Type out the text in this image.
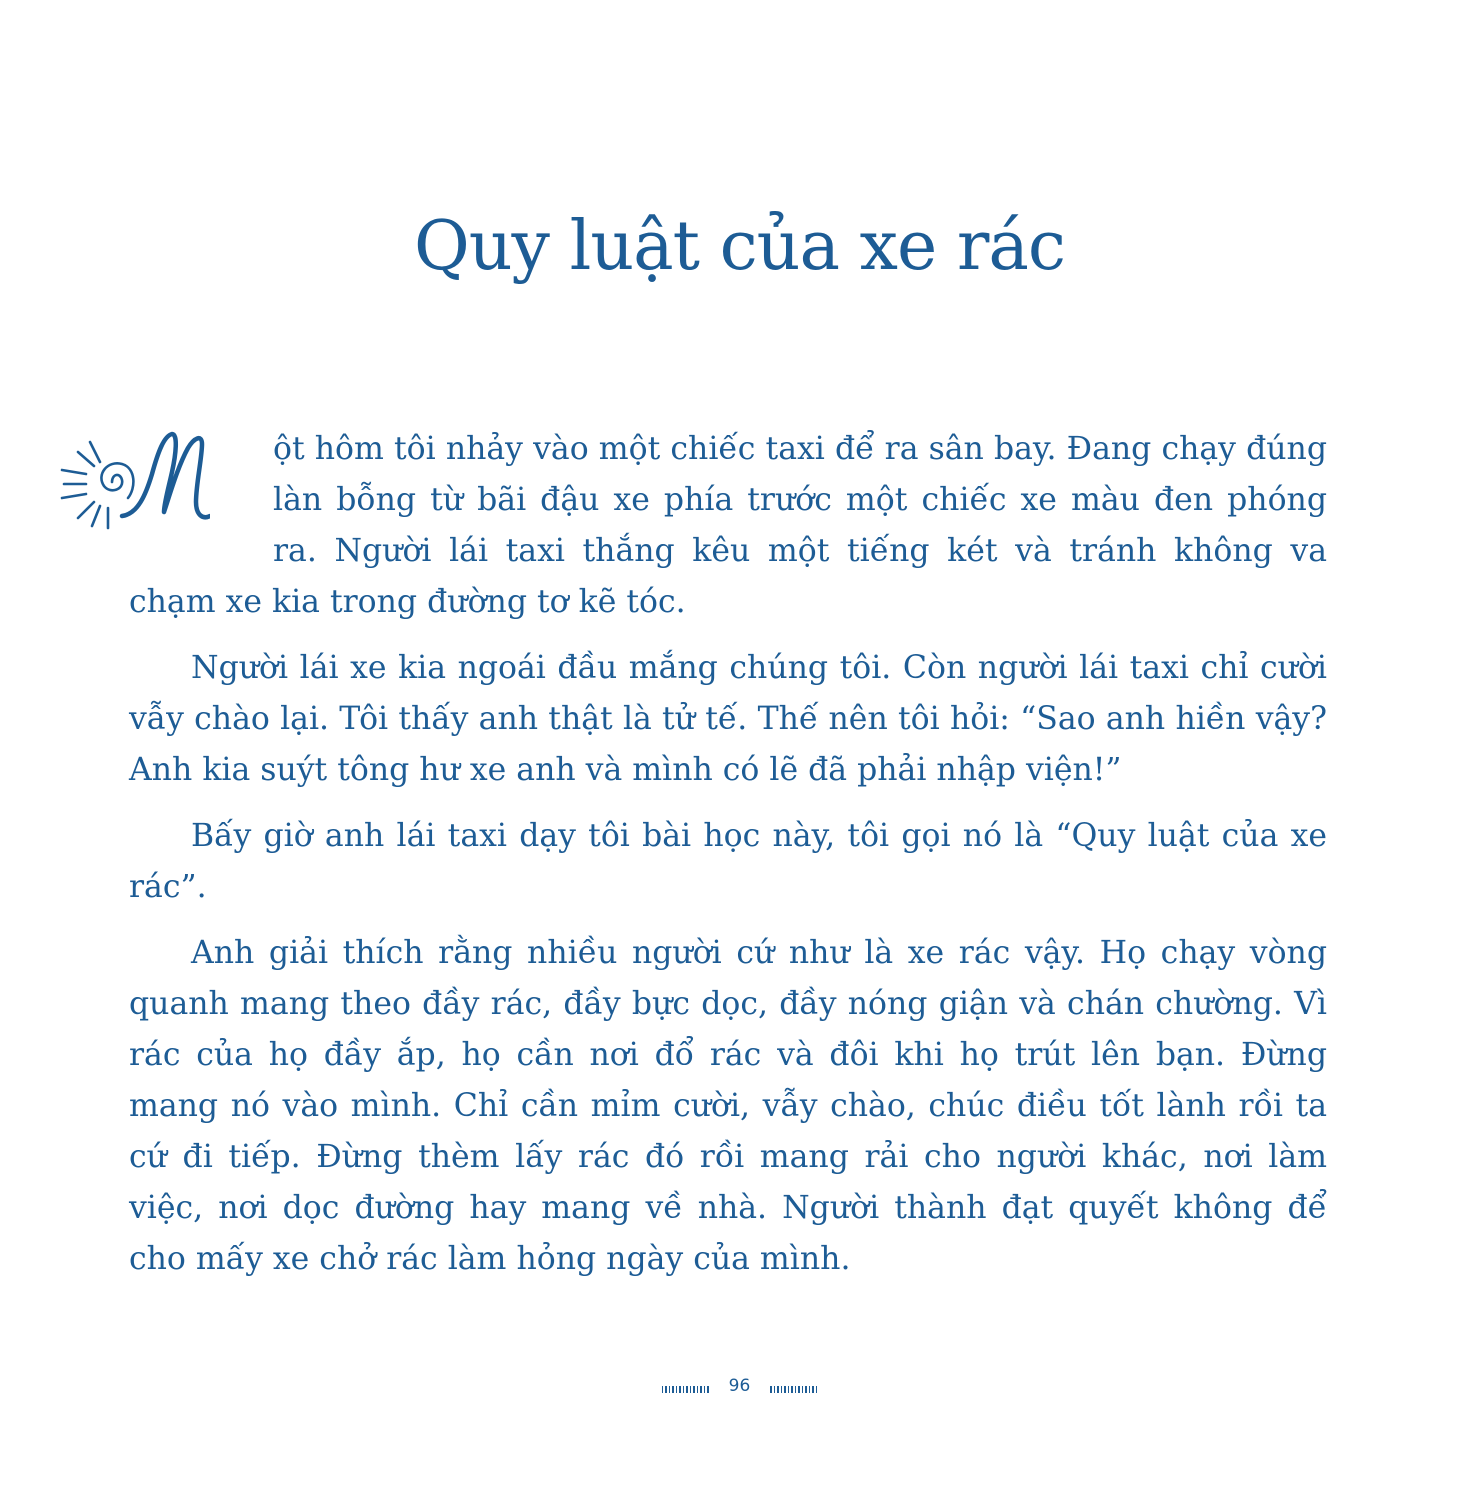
Quy luật của xe rác

ột hôm tôi nhảy vào một chiếc taxi để ra sân bay. Đang chạy đúng làn bỗng từ bãi đậu xe phía trước một chiếc xe màu đen phóng ra. Người lái taxi thắng kêu một tiếng két và tránh không va chạm xe kia trong đường tơ kẽ tóc.

Người lái xe kia ngoái đầu mắng chúng tôi. Còn người lái taxi chỉ cười vẫy chào lại. Tôi thấy anh thật là tử tế. Thế nên tôi hỏi: “Sao anh hiền vậy? Anh kia suýt tông hư xe anh và mình có lẽ đã phải nhập viện!”

Bấy giờ anh lái taxi dạy tôi bài học này, tôi gọi nó là “Quy luật của xe rác”.

Anh giải thích rằng nhiều người cứ như là xe rác vậy. Họ chạy vòng quanh mang theo đầy rác, đầy bực dọc, đầy nóng giận và chán chường. Vì rác của họ đầy ắp, họ cần nơi đổ rác và đôi khi họ trút lên bạn. Đừng mang nó vào mình. Chỉ cần mỉm cười, vẫy chào, chúc điều tốt lành rồi ta cứ đi tiếp. Đừng thèm lấy rác đó rồi mang rải cho người khác, nơi làm việc, nơi dọc đường hay mang về nhà. Người thành đạt quyết không để cho mấy xe chở rác làm hỏng ngày của mình.

96
